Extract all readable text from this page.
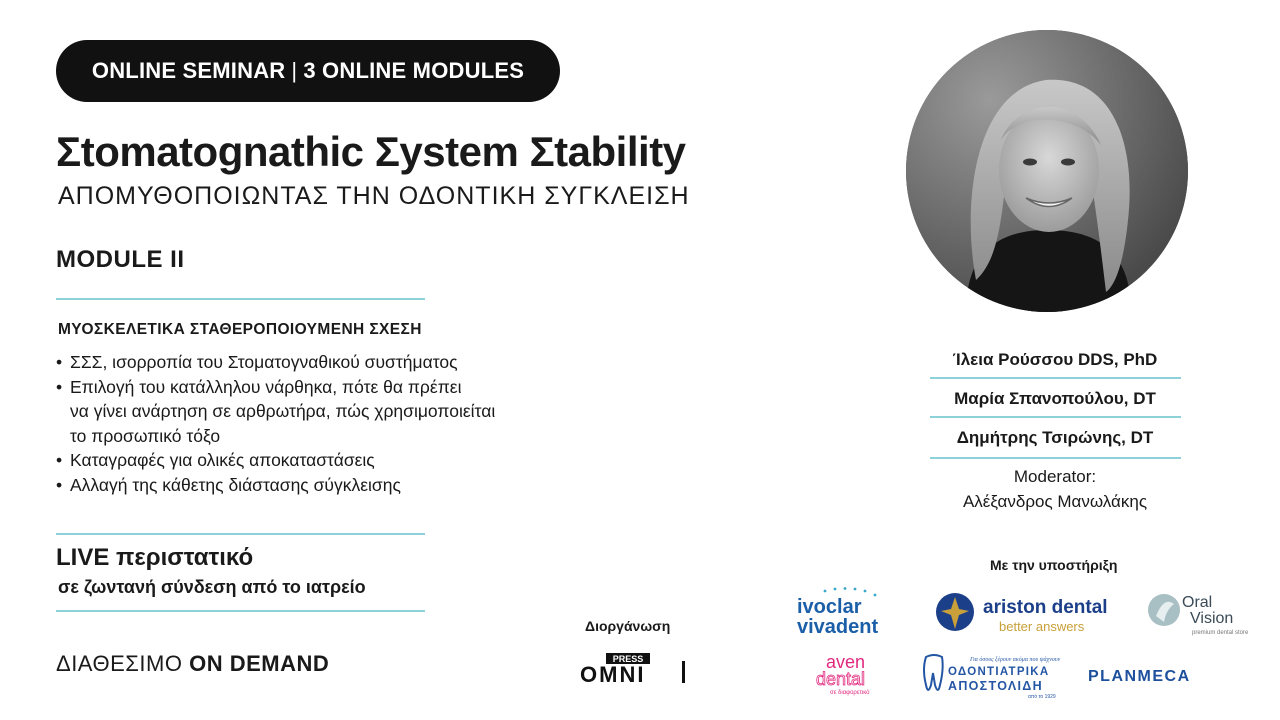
ONLINE SEMINAR | 3 ONLINE MODULES
Σtomatognathic Σystem Σtability
ΑΠΟΜΥΘΟΠΟΙΩΝΤΑΣ ΤΗΝ ΟΔΟΝΤΙΚΗ ΣΥΓΚΛΕΙΣΗ
MODULE II
ΜΥΟΣΚΕΛΕΤΙΚΑ ΣΤΑΘΕΡΟΠΟΙΟΥΜΕΝΗ ΣΧΕΣΗ
• ΣΣΣ, ισορροπία του Στοματογναθικού συστήματος
• Επιλογή του κατάλληλου νάρθηκα, πότε θα πρέπει
να γίνει ανάρτηση σε αρθρωτήρα, πώς χρησιμοποιείται
το προσωπικό τόξο
• Καταγραφές για ολικές αποκαταστάσεις
• Αλλαγή της κάθετης διάστασης σύγκλεισης
LIVE περιστατικό
σε ζωντανή σύνδεση από το ιατρείο
ΔΙΑΘΕΣΙΜΟ ON DEMAND
Διοργάνωση
PRESS
OMNI
Ίλεια Ρούσσου DDS, PhD
Μαρία Σπανοπούλου, DT
Δημήτρης Τσιρώνης, DT
Moderator:
Αλέξανδρος Μανωλάκης
Με την υποστήριξη
ivoclar
vivadent
ariston dental
better answers
Oral
Vision
premium dental store
aven
dental
σε διαφορετικό
Για όσους ξέρουν ακόμα που ψάχνουν
ΟΔΟΝΤΙΑΤΡΙΚΑ
ΑΠΟΣΤΟΛΙΔΗ
από το 1929
PLANMECA
